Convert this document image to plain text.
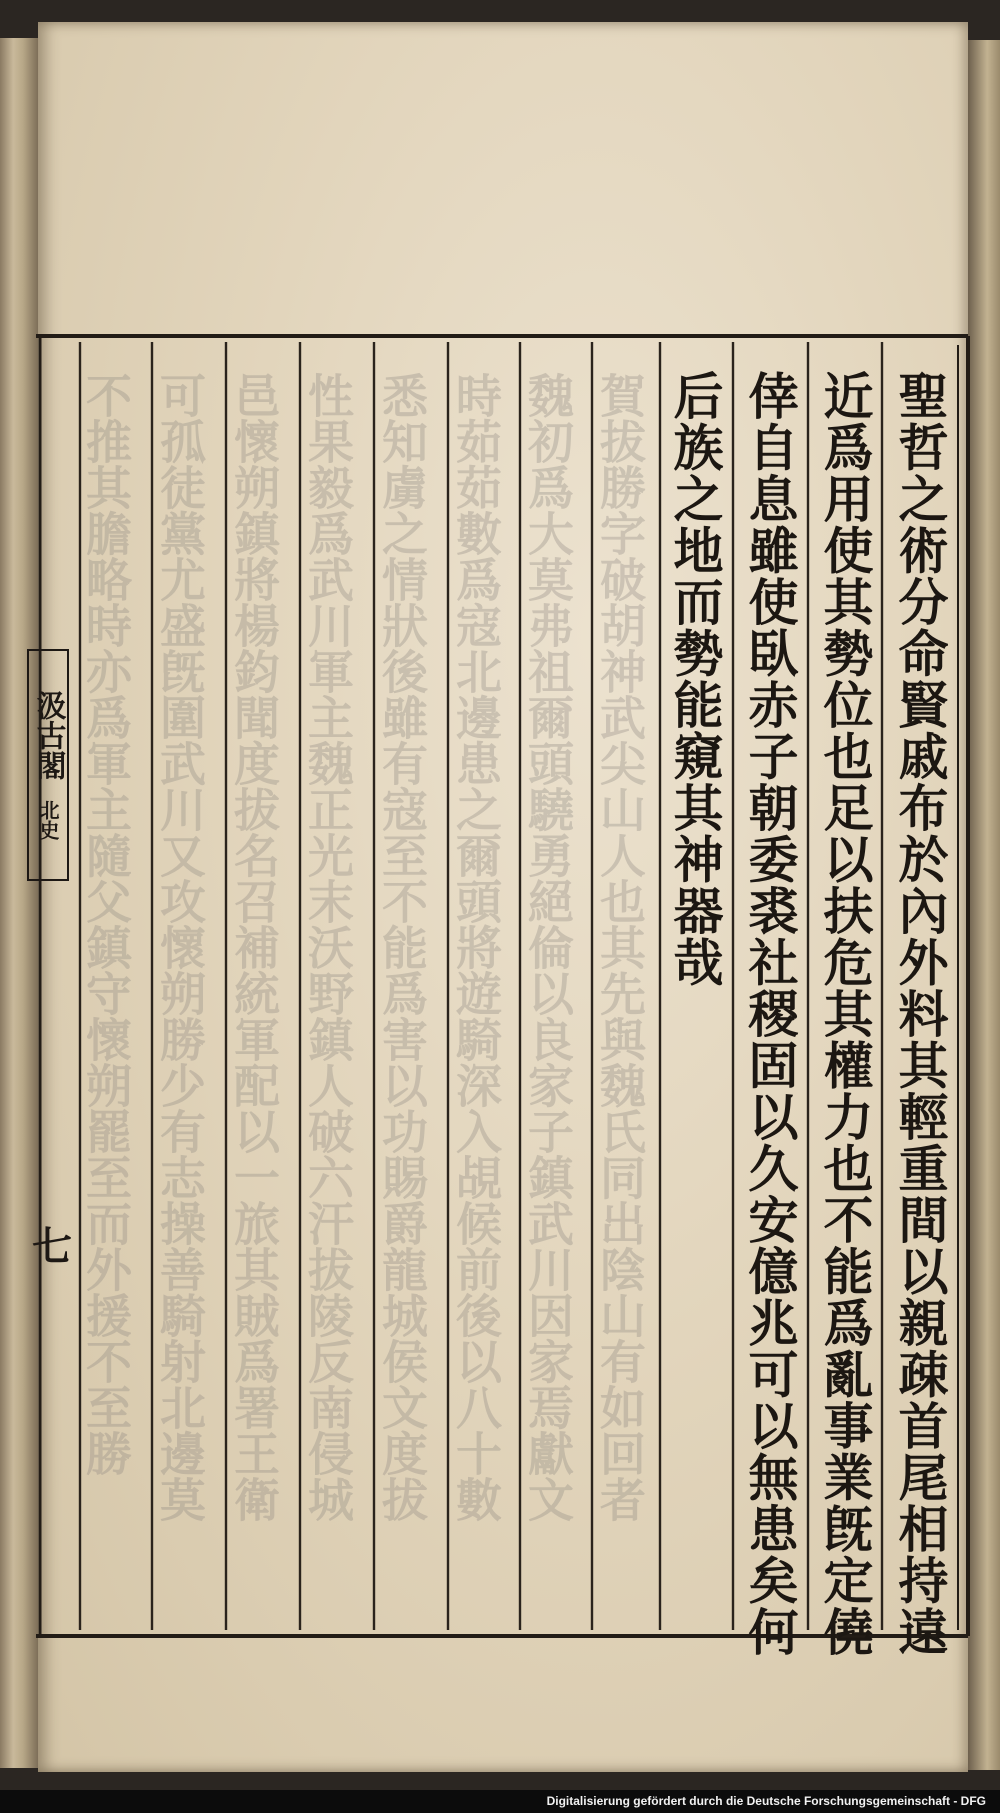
賀拔勝字破胡神武尖山人也其先與魏氏同出陰山有如回者
魏初爲大莫弗祖爾頭驍勇絕倫以良家子鎮武川因家焉獻文
時茹茹數爲寇北邊患之爾頭將遊騎深入覘候前後以八十數
悉知虜之情狀後雖有寇至不能爲害以功賜爵龍城侯文度拔
性果毅爲武川軍主魏正光末沃野鎮人破六汗拔陵反南侵城
邑懷朔鎮將楊鈞聞度拔名召補統軍配以一旅其賊爲署王衛
可孤徒黨尤盛旣圍武川又攻懷朔勝少有志操善騎射北邊莫
不推其膽略時亦爲軍主隨父鎮守懷朔罷至而外援不至勝	聖哲之術分命賢戚布於內外料其輕重間以親疎首尾相持遠
近爲用使其勢位也足以扶危其權力也不能爲亂事業旣定僥
倖自息雖使臥赤子朝委裘社稷固以久安億兆可以無患矣何
后族之地而勢能窺其神器哉
汲古閣
北史
七
Digitalisierung gefördert durch die Deutsche Forschungsgemeinschaft - DFG
